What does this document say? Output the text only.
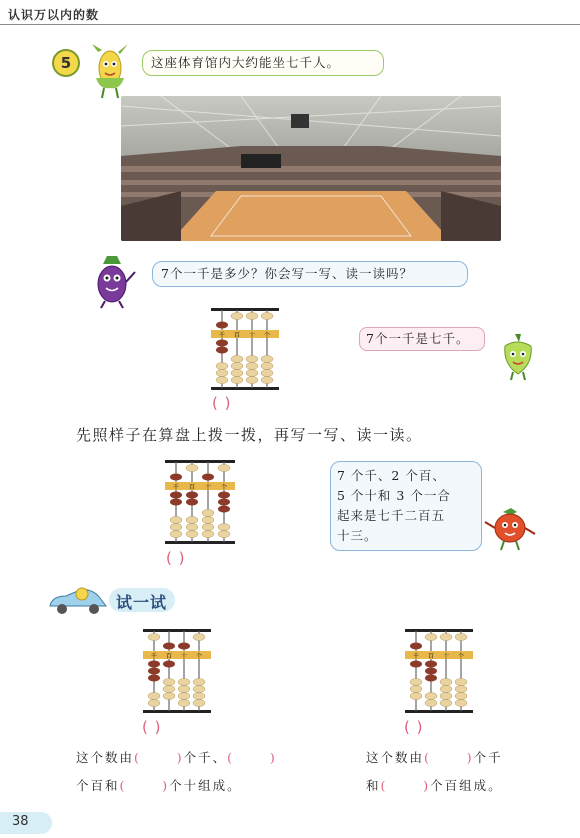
认识万以内的数
5	这座体育馆内大约能坐七千人。
7个一千是多少？你会写一写、读一读吗？
千 百 十 个
( )
7个一千是七千。
先照样子在算盘上拨一拨，再写一写、读一读。
千 百 十 个
( )
7 个千、2 个百、
5 个十和 3 个一合
起来是七千二百五
十三。
试一试
千 百 十 个
( )
千 百 十 个
( )
这个数由(      )个千、(      )
个百和(      )个十组成。
这个数由(      )个千
和(      )个百组成。
38
